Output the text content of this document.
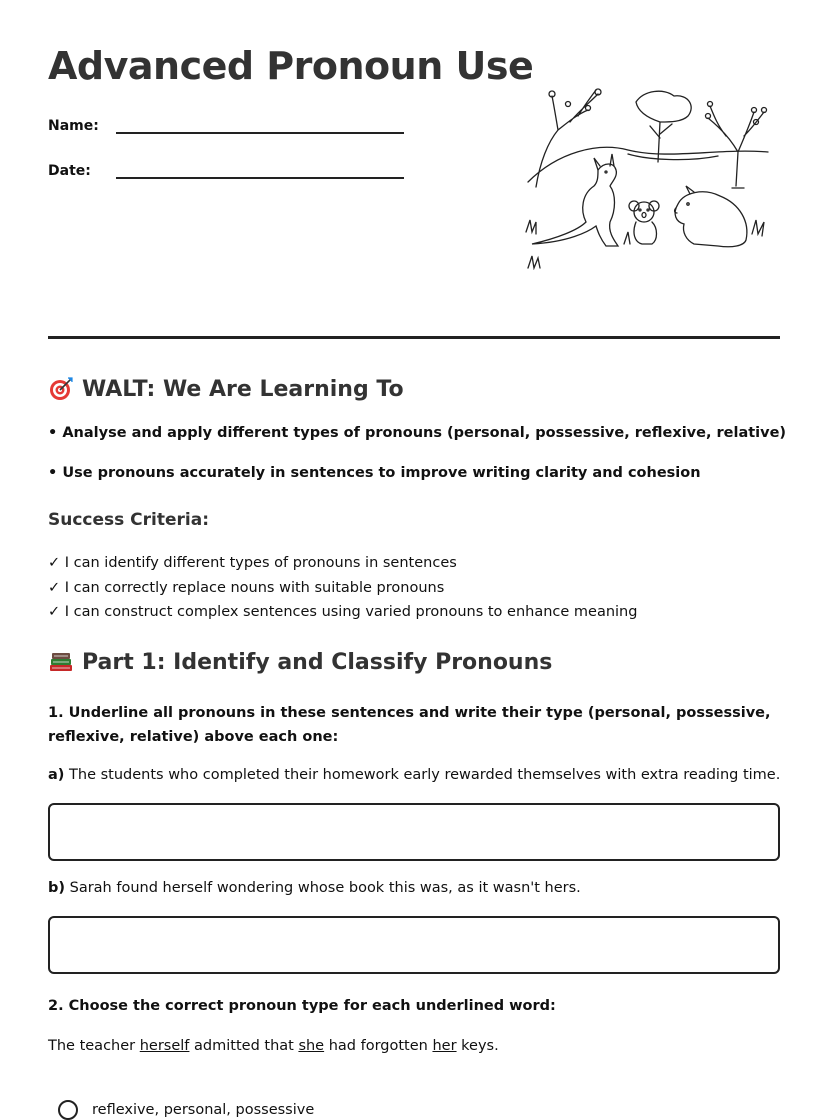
Advanced Pronoun Use
Name:
Date:
WALT: We Are Learning To
• Analyse and apply different types of pronouns (personal, possessive, reflexive, relative)
• Use pronouns accurately in sentences to improve writing clarity and cohesion
Success Criteria:
✓ I can identify different types of pronouns in sentences
✓ I can correctly replace nouns with suitable pronouns
✓ I can construct complex sentences using varied pronouns to enhance meaning
Part 1: Identify and Classify Pronouns
1. Underline all pronouns in these sentences and write their type (personal, possessive, reflexive, relative) above each one:
a) The students who completed their homework early rewarded themselves with extra reading time.
b) Sarah found herself wondering whose book this was, as it wasn't hers.
2. Choose the correct pronoun type for each underlined word:
The teacher herself admitted that she had forgotten her keys.
reflexive, personal, possessive
